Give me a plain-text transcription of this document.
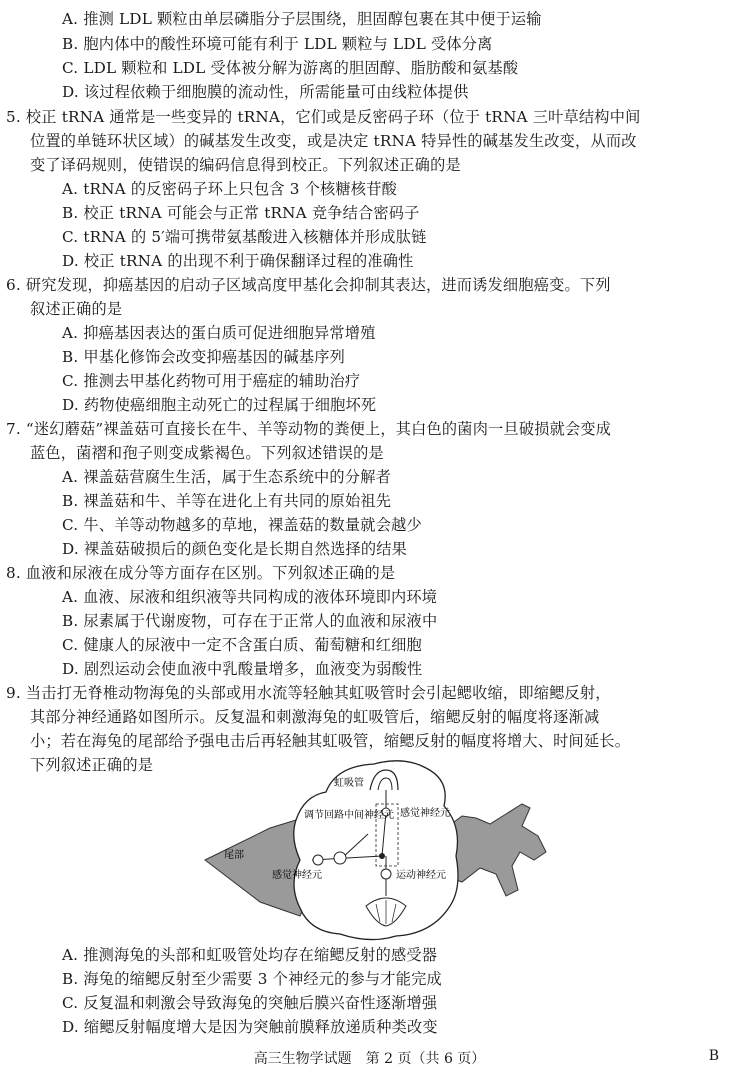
A. 推测 LDL 颗粒由单层磷脂分子层围绕，胆固醇包裹在其中便于运输
B. 胞内体中的酸性环境可能有利于 LDL 颗粒与 LDL 受体分离
C. LDL 颗粒和 LDL 受体被分解为游离的胆固醇、脂肪酸和氨基酸
D. 该过程依赖于细胞膜的流动性，所需能量可由线粒体提供
5. 校正 tRNA 通常是一些变异的 tRNA，它们或是反密码子环（位于 tRNA 三叶草结构中间
位置的单链环状区域）的碱基发生改变，或是决定 tRNA 特异性的碱基发生改变，从而改
变了译码规则，使错误的编码信息得到校正。下列叙述正确的是
A. tRNA 的反密码子环上只包含 3 个核糖核苷酸
B. 校正 tRNA 可能会与正常 tRNA 竞争结合密码子
C. tRNA 的 5′端可携带氨基酸进入核糖体并形成肽链
D. 校正 tRNA 的出现不利于确保翻译过程的准确性
6. 研究发现，抑癌基因的启动子区域高度甲基化会抑制其表达，进而诱发细胞癌变。下列
叙述正确的是
A. 抑癌基因表达的蛋白质可促进细胞异常增殖
B. 甲基化修饰会改变抑癌基因的碱基序列
C. 推测去甲基化药物可用于癌症的辅助治疗
D. 药物使癌细胞主动死亡的过程属于细胞坏死
7. “迷幻蘑菇”裸盖菇可直接长在牛、羊等动物的粪便上，其白色的菌肉一旦破损就会变成
蓝色，菌褶和孢子则变成紫褐色。下列叙述错误的是
A. 裸盖菇营腐生生活，属于生态系统中的分解者
B. 裸盖菇和牛、羊等在进化上有共同的原始祖先
C. 牛、羊等动物越多的草地，裸盖菇的数量就会越少
D. 裸盖菇破损后的颜色变化是长期自然选择的结果
8. 血液和尿液在成分等方面存在区别。下列叙述正确的是
A. 血液、尿液和组织液等共同构成的液体环境即内环境
B. 尿素属于代谢废物，可存在于正常人的血液和尿液中
C. 健康人的尿液中一定不含蛋白质、葡萄糖和红细胞
D. 剧烈运动会使血液中乳酸量增多，血液变为弱酸性
9. 当击打无脊椎动物海兔的头部或用水流等轻触其虹吸管时会引起鳃收缩，即缩鳃反射，
其部分神经通路如图所示。反复温和刺激海兔的虹吸管后，缩鳃反射的幅度将逐渐减
小；若在海兔的尾部给予强电击后再轻触其虹吸管，缩鳃反射的幅度将增大、时间延长。
下列叙述正确的是
虹吸管
调节回路中间神经元 感觉神经元
尾部
感觉神经元	运动神经元
A. 推测海兔的头部和虹吸管处均存在缩鳃反射的感受器
B. 海兔的缩鳃反射至少需要 3 个神经元的参与才能完成
C. 反复温和刺激会导致海兔的突触后膜兴奋性逐渐增强
D. 缩鳃反射幅度增大是因为突触前膜释放递质种类改变
高三生物学试题　第 2 页（共 6 页）	B
